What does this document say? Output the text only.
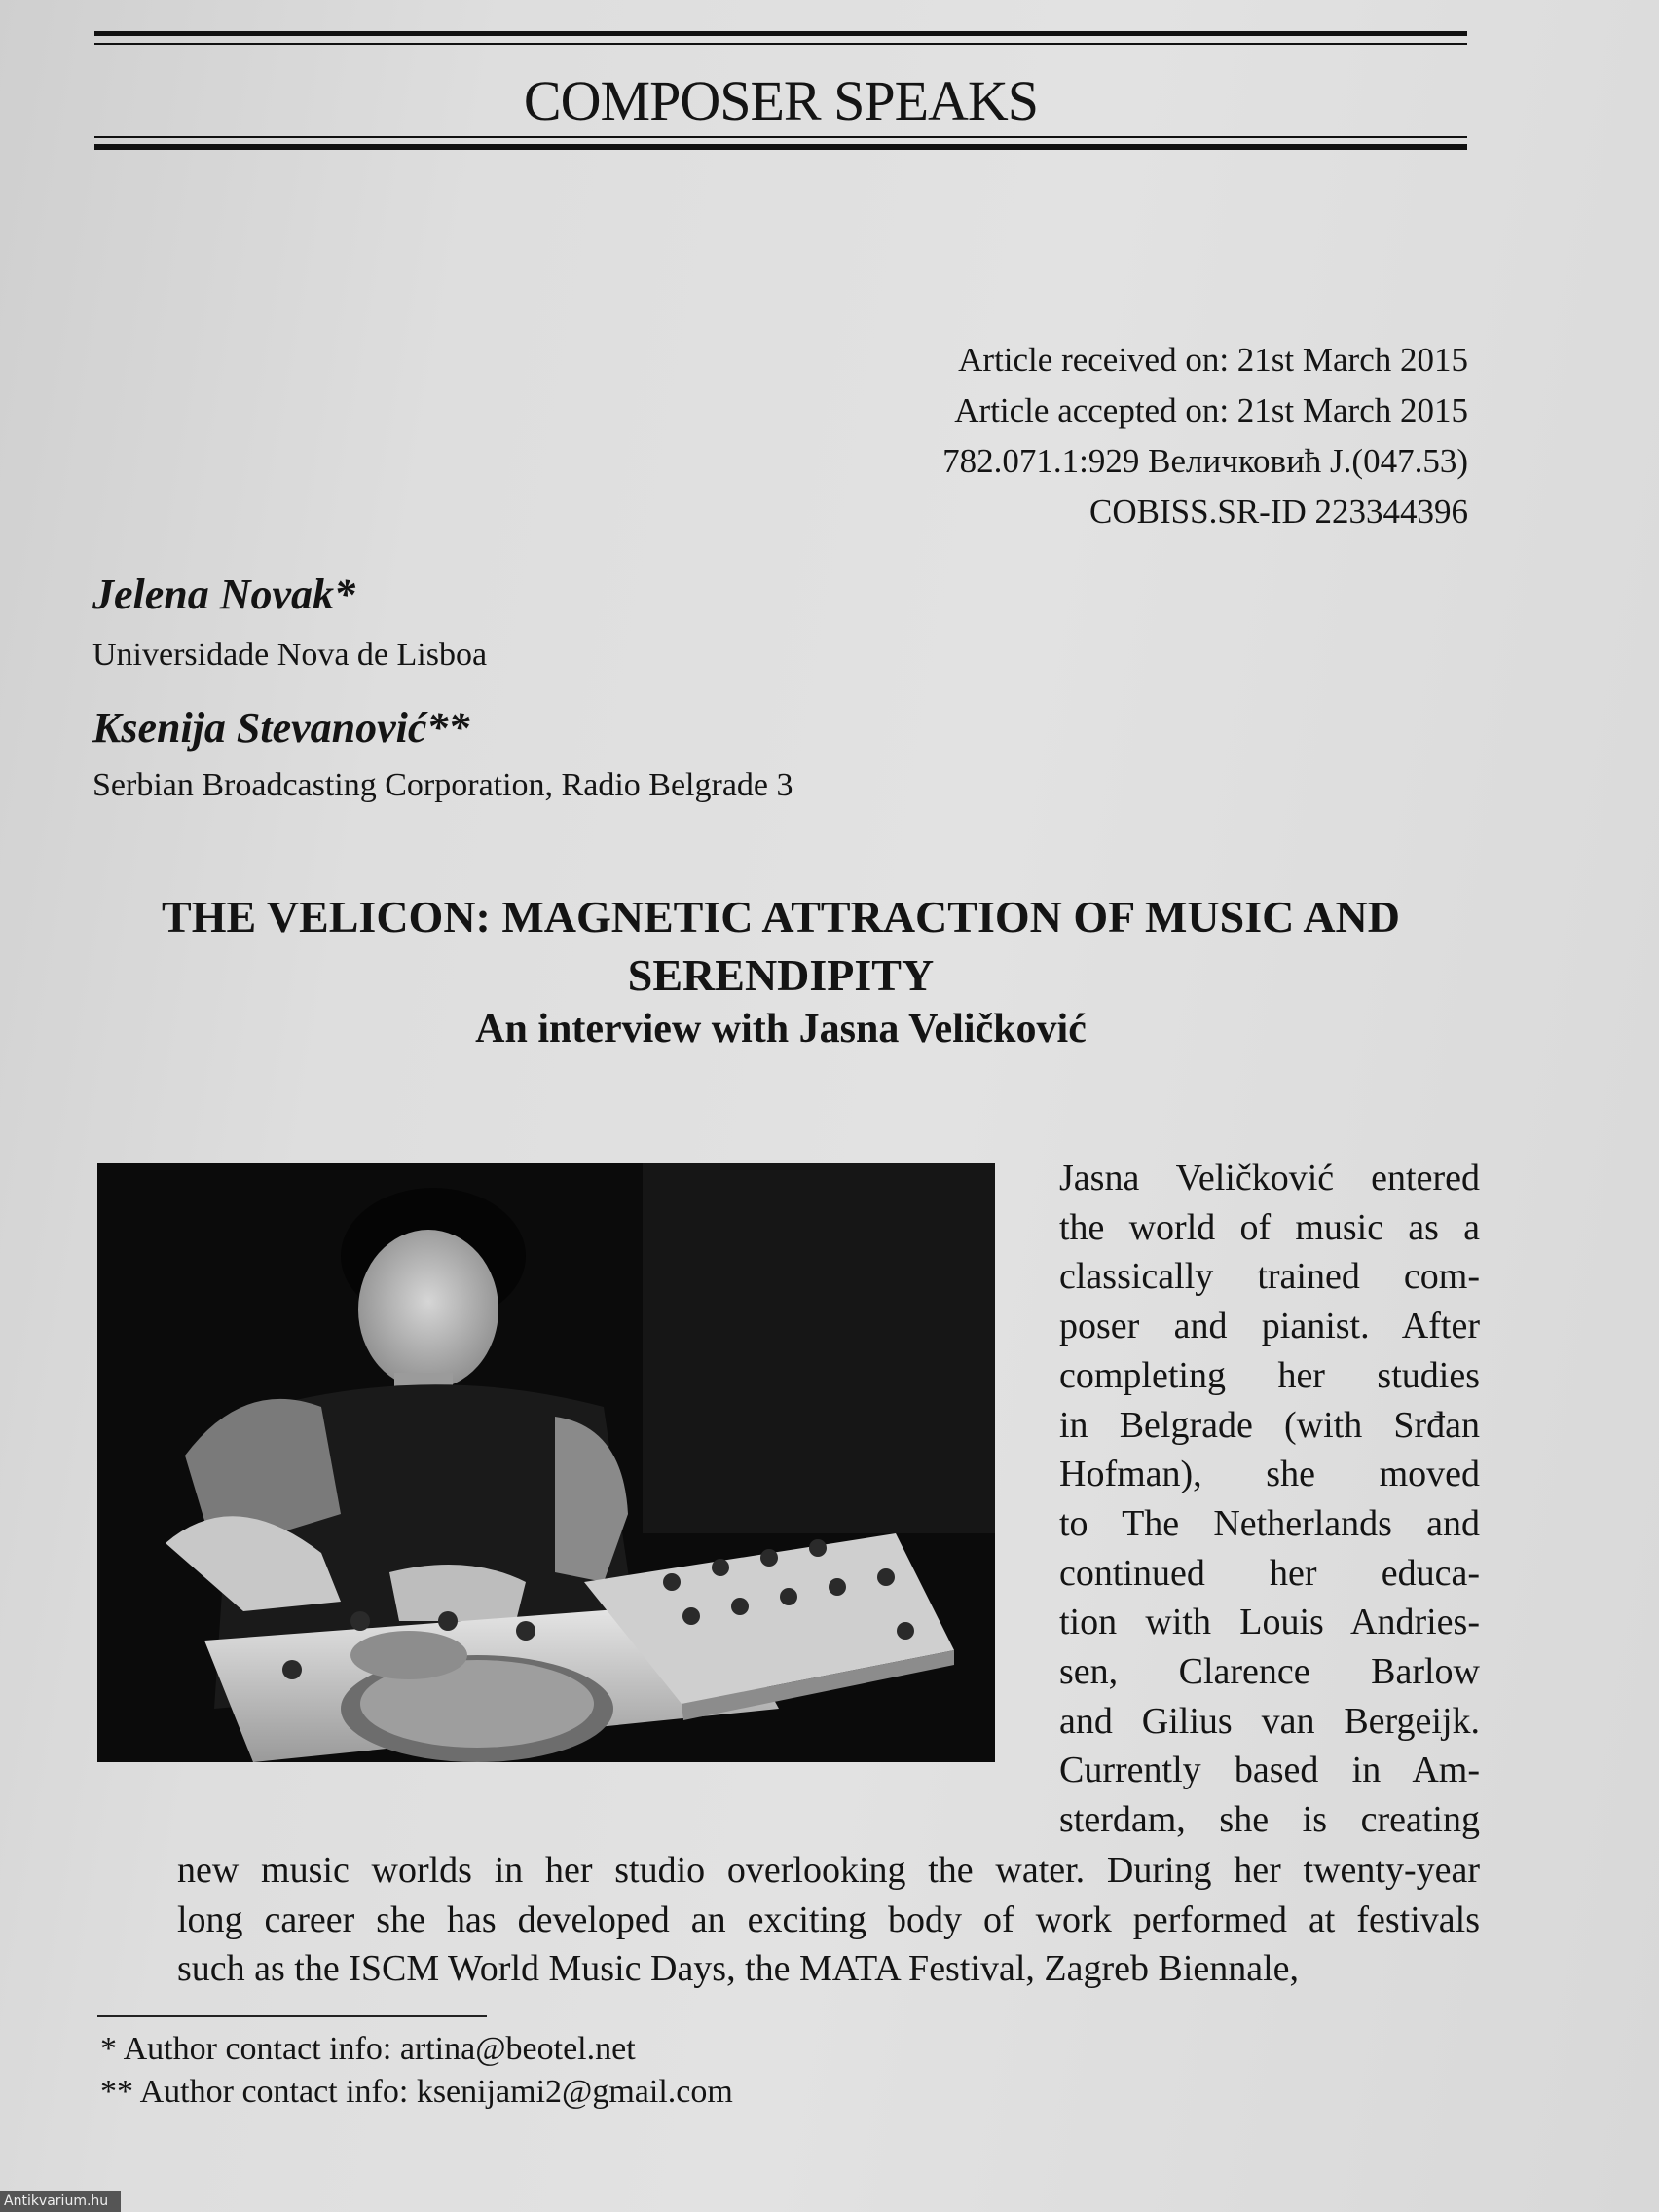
COMPOSER SPEAKS
Article received on: 21st March 2015
Article accepted on: 21st March 2015
782.071.1:929 Величковић J.(047.53)
COBISS.SR-ID 223344396
Jelena Novak*
Universidade Nova de Lisboa
Ksenija Stevanović**
Serbian Broadcasting Corporation, Radio Belgrade 3
THE VELICON: MAGNETIC ATTRACTION OF MUSIC AND
SERENDIPITY
An interview with Jasna Veličković
Jasna Veličković entered
the world of music as a
classically trained com-
poser and pianist. After
completing her studies
in Belgrade (with Srđan
Hofman), she moved
to The Netherlands and
continued her educa-
tion with Louis Andries-
sen, Clarence Barlow
and Gilius van Bergeijk.
Currently based in Am-
sterdam, she is creating
new music worlds in her studio overlooking the water. During her twenty-year
long career she has developed an exciting body of work performed at festivals
such as the ISCM World Music Days, the MATA Festival, Zagreb Biennale,
* Author contact info: artina@beotel.net
** Author contact info: ksenijami2@gmail.com
Antikvarium.hu
